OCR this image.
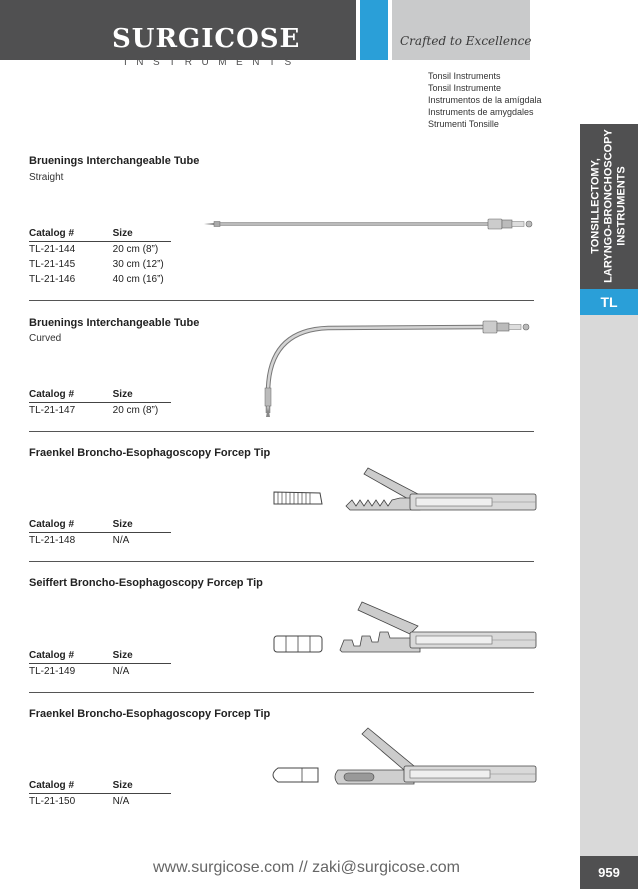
SURGICOSE
INSTRUMENTS
Crafted to Excellence
Tonsil Instruments
Tonsil Instrumente
Instrumentos de la amígdala
Instruments de amygdales
Strumenti Tonsille
TONSILLECTOMY, LARYNGO-BRONCHOSCOPY INSTRUMENTS
TL
959
Bruenings Interchangeable Tube
Straight
Catalog #	Size
TL-21-144	20 cm (8”)
TL-21-145	30 cm (12”)
TL-21-146	40 cm (16”)
Bruenings Interchangeable Tube
Curved
Catalog #	Size
TL-21-147	20 cm (8”)
Fraenkel Broncho-Esophagoscopy Forcep Tip
Catalog #	Size
TL-21-148	N/A
Seiffert Broncho-Esophagoscopy Forcep Tip
Catalog #	Size
TL-21-149	N/A
Fraenkel Broncho-Esophagoscopy Forcep Tip
Catalog #	Size
TL-21-150	N/A
www.surgicose.com // zaki@surgicose.com
